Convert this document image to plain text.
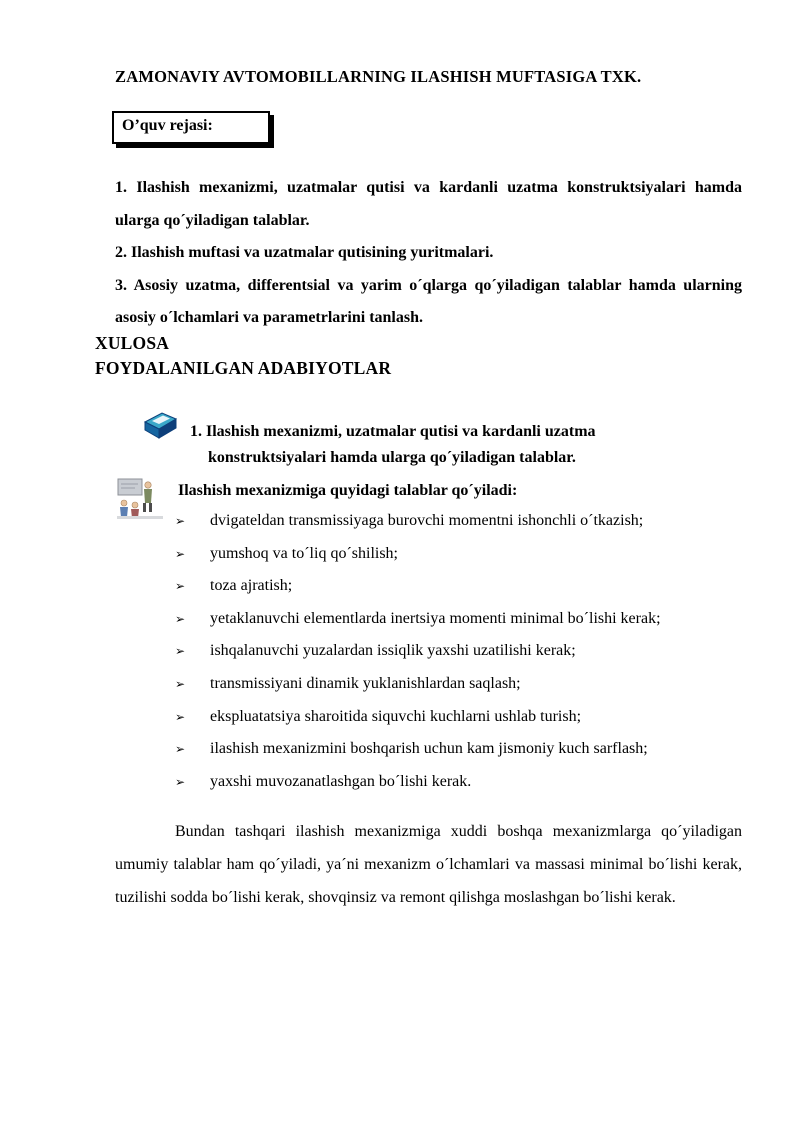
ZAMONAVIY AVTOMOBILLARNING ILASHISH MUFTASIGA TXK.
O’quv rejasi:
1. Ilashish mexanizmi, uzatmalar qutisi va kardanli uzatma konstruktsiyalari hamda ularga qo´yiladigan talablar.
2. Ilashish muftasi va uzatmalar qutisining yuritmalari.
3. Asosiy uzatma, differentsial va yarim o´qlarga qo´yiladigan talablar hamda ularning asosiy o´lchamlari va parametrlarini tanlash.
XULOSA
FOYDALANILGAN ADABIYOTLAR
1. Ilashish mexanizmi, uzatmalar qutisi va kardanli uzatma
konstruktsiyalari hamda ularga qo´yiladigan talablar.
Ilashish mexanizmiga quyidagi talablar qo´yiladi:
➢	dvigateldan transmissiyaga burovchi momentni ishonchli o´tkazish;
➢	yumshoq va to´liq qo´shilish;
➢	toza ajratish;
➢	yetaklanuvchi elementlarda inertsiya momenti minimal bo´lishi kerak;
➢	ishqalanuvchi yuzalardan issiqlik yaxshi uzatilishi kerak;
➢	transmissiyani dinamik yuklanishlardan saqlash;
➢	ekspluatatsiya sharoitida siquvchi kuchlarni ushlab turish;
➢	ilashish mexanizmini boshqarish uchun kam jismoniy kuch sarflash;
➢	yaxshi muvozanatlashgan bo´lishi kerak.

Bundan tashqari ilashish mexanizmiga xuddi boshqa mexanizmlarga qo´yiladigan umumiy talablar ham qo´yiladi, ya´ni mexanizm o´lchamlari va massasi minimal bo´lishi kerak, tuzilishi sodda bo´lishi kerak, shovqinsiz va remont qilishga moslashgan bo´lishi kerak.
